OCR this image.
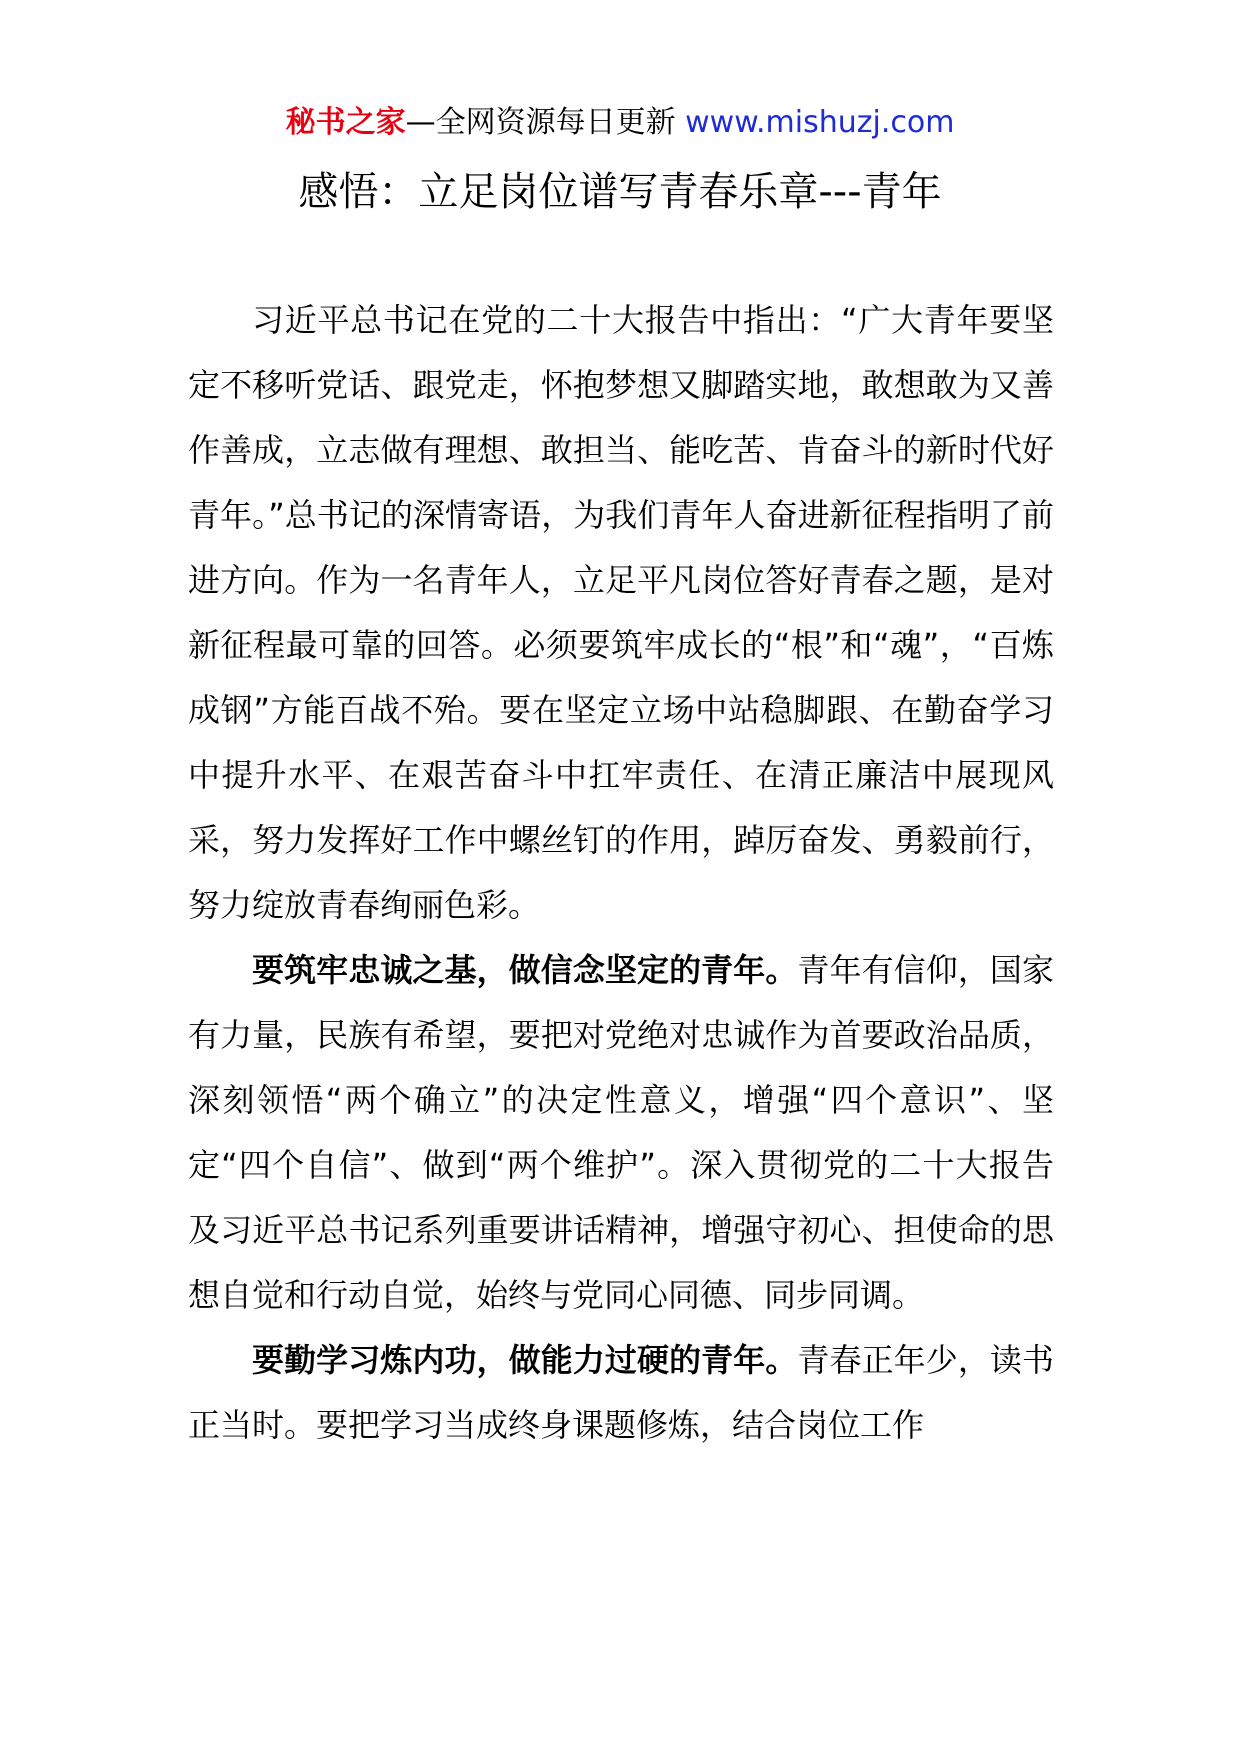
秘书之家—全网资源每日更新 www.mishuzj.com
感悟：立足岗位谱写青春乐章---青年

习近平总书记在党的二十大报告中指出：“广大青年要坚定不移听党话、跟党走，怀抱梦想又脚踏实地，敢想敢为又善作善成，立志做有理想、敢担当、能吃苦、肯奋斗的新时代好青年。”总书记的深情寄语，为我们青年人奋进新征程指明了前进方向。作为一名青年人，立足平凡岗位答好青春之题，是对新征程最可靠的回答。必须要筑牢成长的“根”和“魂”，“百炼成钢”方能百战不殆。要在坚定立场中站稳脚跟、在勤奋学习中提升水平、在艰苦奋斗中扛牢责任、在清正廉洁中展现风采，努力发挥好工作中螺丝钉的作用，踔厉奋发、勇毅前行，努力绽放青春绚丽色彩。

要筑牢忠诚之基，做信念坚定的青年。青年有信仰，国家有力量，民族有希望，要把对党绝对忠诚作为首要政治品质，深刻领悟“两个确立”的决定性意义，增强“四个意识”、坚定“四个自信”、做到“两个维护”。深入贯彻党的二十大报告及习近平总书记系列重要讲话精神，增强守初心、担使命的思想自觉和行动自觉，始终与党同心同德、同步同调。

要勤学习炼内功，做能力过硬的青年。青春正年少，读书正当时。要把学习当成终身课题修炼，结合岗位工作
